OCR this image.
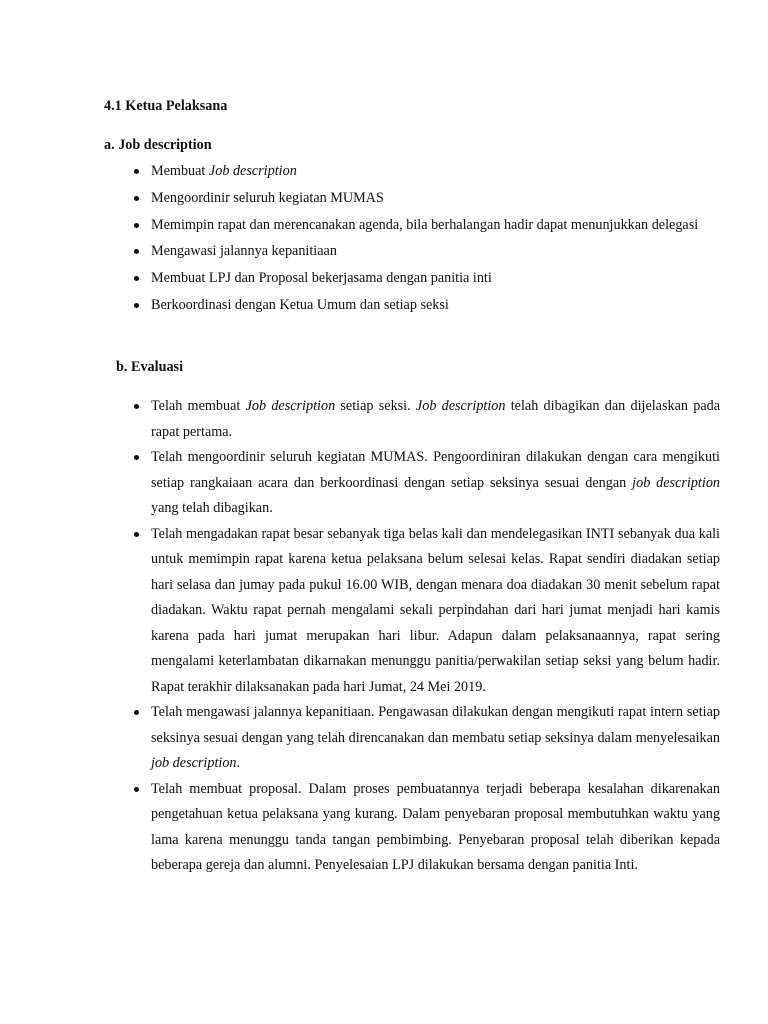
4.1 Ketua Pelaksana
a. Job description
Membuat Job description
Mengoordinir seluruh kegiatan MUMAS
Memimpin rapat dan merencanakan agenda, bila berhalangan hadir dapat menunjukkan delegasi
Mengawasi jalannya kepanitiaan
Membuat LPJ dan Proposal bekerjasama dengan panitia inti
Berkoordinasi dengan Ketua Umum dan setiap seksi
b. Evaluasi
Telah membuat Job description setiap seksi. Job description telah dibagikan dan dijelaskan pada rapat pertama.
Telah mengoordinir seluruh kegiatan MUMAS. Pengoordiniran dilakukan dengan cara mengikuti setiap rangkaiaan acara dan berkoordinasi dengan setiap seksinya sesuai dengan job description yang telah dibagikan.
Telah mengadakan rapat besar sebanyak tiga belas kali dan mendelegasikan INTI sebanyak dua kali untuk memimpin rapat karena ketua pelaksana belum selesai kelas. Rapat sendiri diadakan setiap hari selasa dan jumay pada pukul 16.00 WIB, dengan menara doa diadakan 30 menit sebelum rapat diadakan. Waktu rapat pernah mengalami sekali perpindahan dari hari jumat menjadi hari kamis karena pada hari jumat merupakan hari libur. Adapun dalam pelaksanaannya, rapat sering mengalami keterlambatan dikarnakan menunggu panitia/perwakilan setiap seksi yang belum hadir. Rapat terakhir dilaksanakan pada hari Jumat, 24 Mei 2019.
Telah mengawasi jalannya kepanitiaan. Pengawasan dilakukan dengan mengikuti rapat intern setiap seksinya sesuai dengan yang telah direncanakan dan membatu setiap seksinya dalam menyelesaikan job description.
Telah membuat proposal. Dalam proses pembuatannya terjadi beberapa kesalahan dikarenakan pengetahuan ketua pelaksana yang kurang. Dalam penyebaran proposal membutuhkan waktu yang lama karena menunggu tanda tangan pembimbing. Penyebaran proposal telah diberikan kepada beberapa gereja dan alumni. Penyelesaian LPJ dilakukan bersama dengan panitia Inti.
